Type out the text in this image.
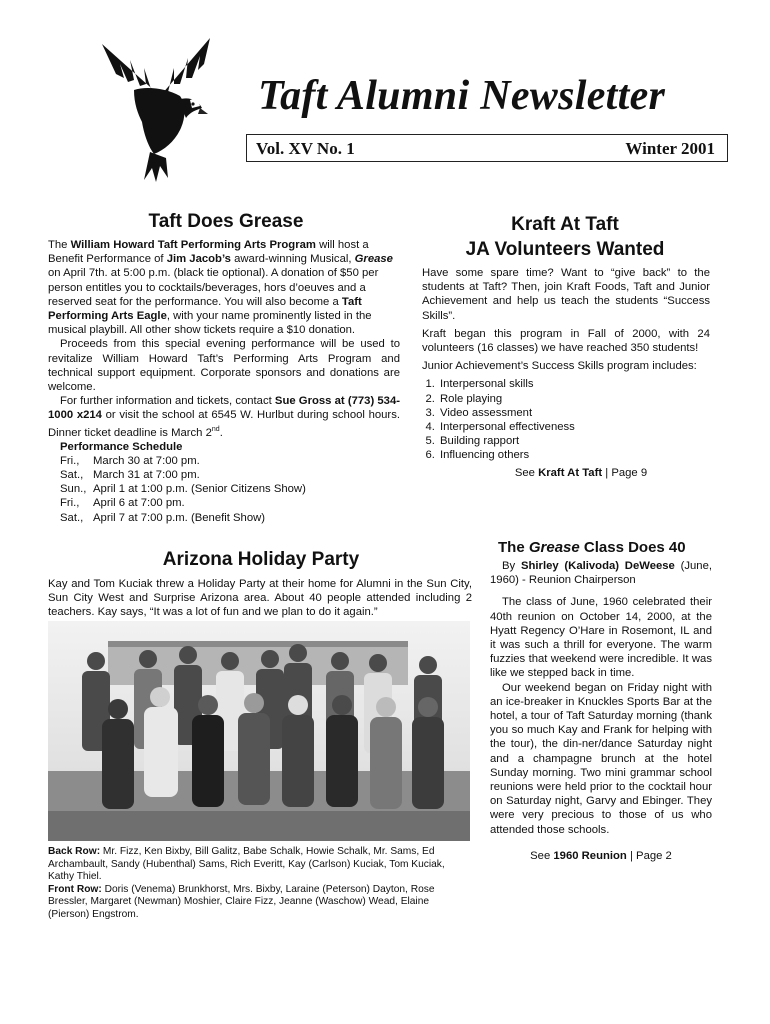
Taft Alumni Newsletter
Vol. XV No. 1	Winter 2001
Taft Does Grease

The William Howard Taft Performing Arts Program will host a Benefit Performance of Jim Jacob’s award-winning Musical, Grease on April 7th. at 5:00 p.m. (black tie optional). A donation of $50 per person entitles you to cocktails/beverages, hors d’oeuves and a reserved seat for the performance. You will also become a Taft Performing Arts Eagle, with your name prominently listed in the musical playbill. All other show tickets require a $10 donation.

Proceeds from this special evening performance will be used to revitalize William Howard Taft’s Performing Arts Program and technical support equipment. Corporate sponsors and donations are welcome.

For further information and tickets, contact Sue Gross at (773) 534-1000 x214 or visit the school at 6545 W. Hurlbut during school hours. Dinner ticket deadline is March 2nd.

Performance Schedule
Fri.,	March 30 at 7:00 pm.
Sat., March 31 at 7:00 pm.
Sun., April 1 at 1:00 p.m. (Senior Citizens Show)
Fri.,	April 6 at 7:00 pm.
Sat., April 7 at 7:00 p.m. (Benefit Show)
Arizona Holiday Party
Kay and Tom Kuciak threw a Holiday Party at their home for Alumni in the Sun City, Sun City West and Surprise Arizona area. About 40 people attended including 2 teachers. Kay says, “It was a lot of fun and we plan to do it again.”

Back Row: Mr. Fizz, Ken Bixby, Bill Galitz, Babe Schalk, Howie Schalk, Mr. Sams, Ed Archambault, Sandy (Hubenthal) Sams, Rich Everitt, Kay (Carlson) Kuciak, Tom Kuciak, Kathy Thiel.

Front Row: Doris (Venema) Brunkhorst, Mrs. Bixby, Laraine (Peterson) Dayton, Rose Bressler, Margaret (Newman) Moshier, Claire Fizz, Jeanne (Waschow) Wead, Elaine (Pierson) Engstrom.

Kraft At Taft
JA Volunteers Wanted

Have some spare time? Want to “give back” to the students at Taft? Then, join Kraft Foods, Taft and Junior Achievement and help us teach the students “Success Skills”.

Kraft began this program in Fall of 2000, with 24 volunteers (16 classes) we have reached 350 students!

Junior Achievement’s Success Skills program includes:

1. Interpersonal skills
2. Role playing
3. Video assessment
4. Interpersonal effectiveness
5. Building rapport
6. Influencing others

See Kraft At Taft | Page 9

The Grease Class Does 40

By Shirley (Kalivoda) DeWeese (June, 1960) - Reunion Chairperson

The class of June, 1960 celebrated their 40th reunion on October 14, 2000, at the Hyatt Regency O’Hare in Rosemont, IL and it was such a thrill for everyone. The warm fuzzies that weekend were incredible. It was like we stepped back in time.

Our weekend began on Friday night with an ice-breaker in Knuckles Sports Bar at the hotel, a tour of Taft Saturday morning (thank you so much Kay and Frank for helping with the tour), the din-ner/dance Saturday night and a champagne brunch at the hotel Sunday morning. Two mini grammar school reunions were held prior to the cocktail hour on Saturday night, Garvy and Ebinger. They were very precious to those of us who attended those schools.

See 1960 Reunion | Page 2
